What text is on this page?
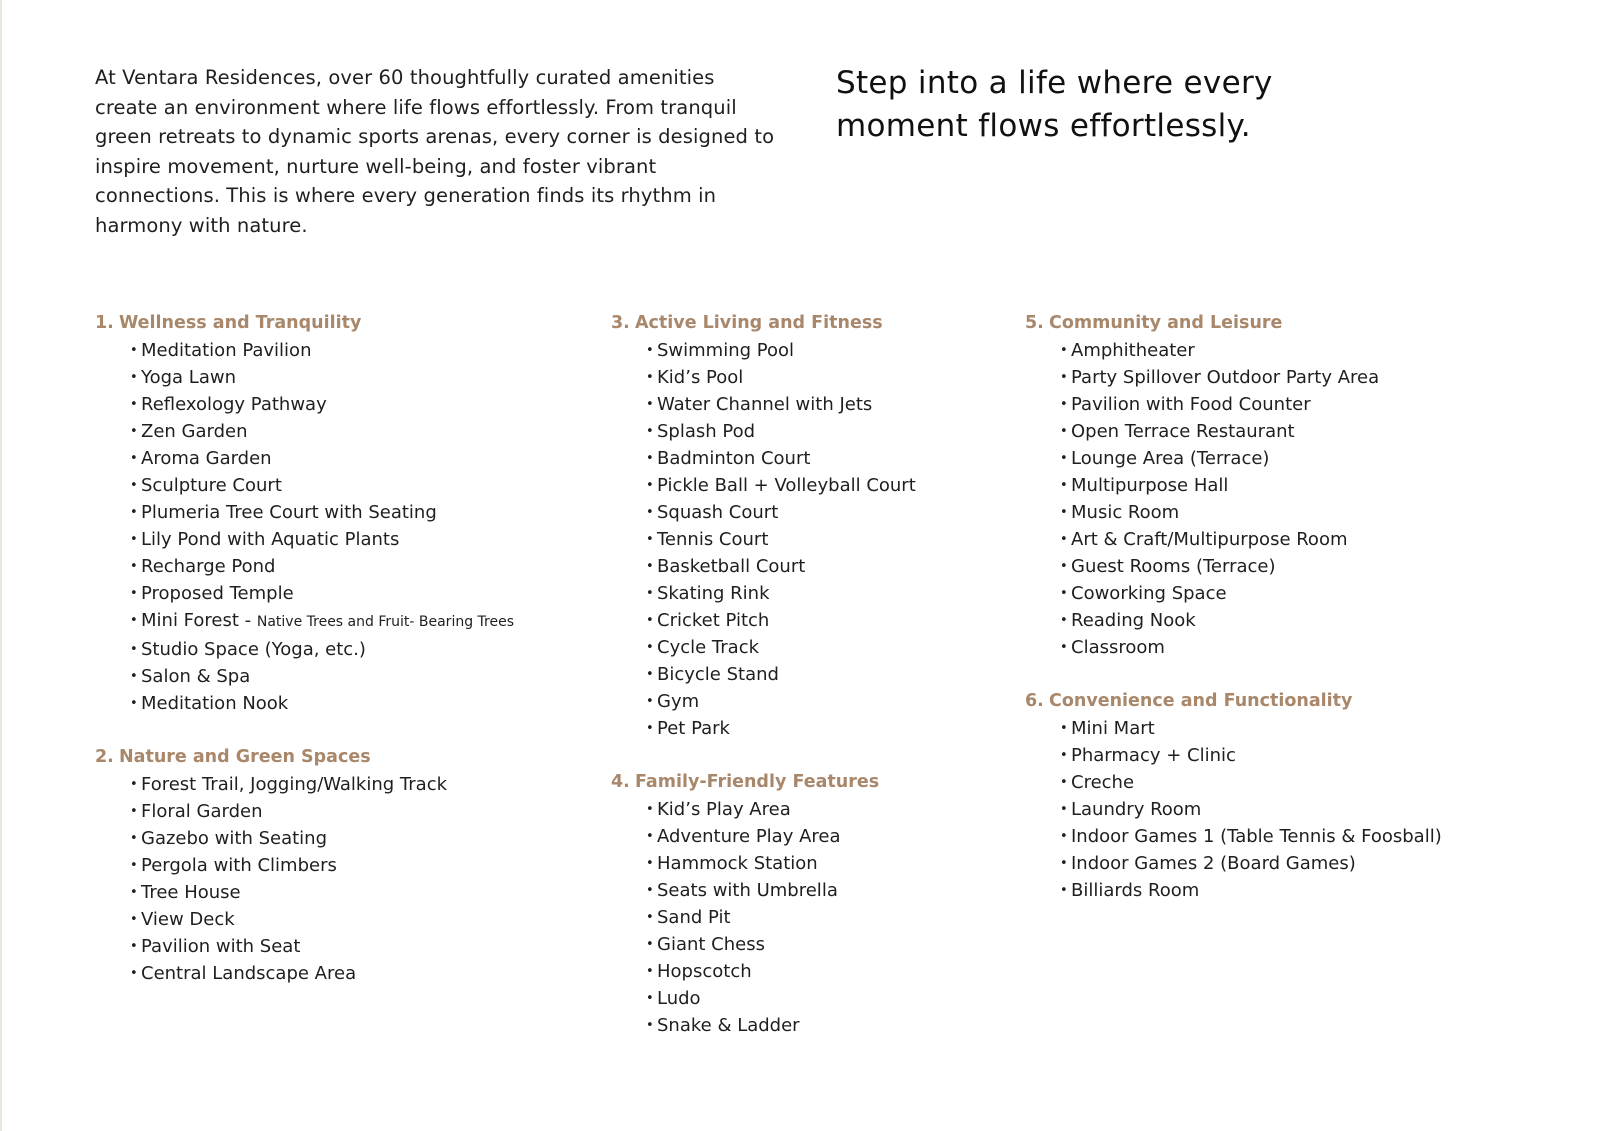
At Ventara Residences, over 60 thoughtfully curated amenities create an environment where life flows effortlessly. From tranquil green retreats to dynamic sports arenas, every corner is designed to inspire movement, nurture well-being, and foster vibrant connections. This is where every generation finds its rhythm in harmony with nature.

Step into a life where every moment flows effortlessly.
1. Wellness and Tranquility
• Meditation Pavilion
• Yoga Lawn
• Reflexology Pathway
• Zen Garden
• Aroma Garden
• Sculpture Court
• Plumeria Tree Court with Seating
• Lily Pond with Aquatic Plants
• Recharge Pond
• Proposed Temple
• Mini Forest - Native Trees and Fruit- Bearing Trees
• Studio Space (Yoga, etc.)
• Salon & Spa
• Meditation Nook
2. Nature and Green Spaces
• Forest Trail, Jogging/Walking Track
• Floral Garden
• Gazebo with Seating
• Pergola with Climbers
• Tree House
• View Deck
• Pavilion with Seat
• Central Landscape Area
3. Active Living and Fitness
• Swimming Pool
• Kid’s Pool
• Water Channel with Jets
• Splash Pod
• Badminton Court
• Pickle Ball + Volleyball Court
• Squash Court
• Tennis Court
• Basketball Court
• Skating Rink
• Cricket Pitch
• Cycle Track
• Bicycle Stand
• Gym
• Pet Park
4. Family-Friendly Features
• Kid’s Play Area
• Adventure Play Area
• Hammock Station
• Seats with Umbrella
• Sand Pit
• Giant Chess
• Hopscotch
• Ludo
• Snake & Ladder
5. Community and Leisure
• Amphitheater
• Party Spillover Outdoor Party Area
• Pavilion with Food Counter
• Open Terrace Restaurant
• Lounge Area (Terrace)
• Multipurpose Hall
• Music Room
• Art & Craft/Multipurpose Room
• Guest Rooms (Terrace)
• Coworking Space
• Reading Nook
• Classroom
6. Convenience and Functionality
• Mini Mart
• Pharmacy + Clinic
• Creche
• Laundry Room
• Indoor Games 1 (Table Tennis & Foosball)
• Indoor Games 2 (Board Games)
• Billiards Room
